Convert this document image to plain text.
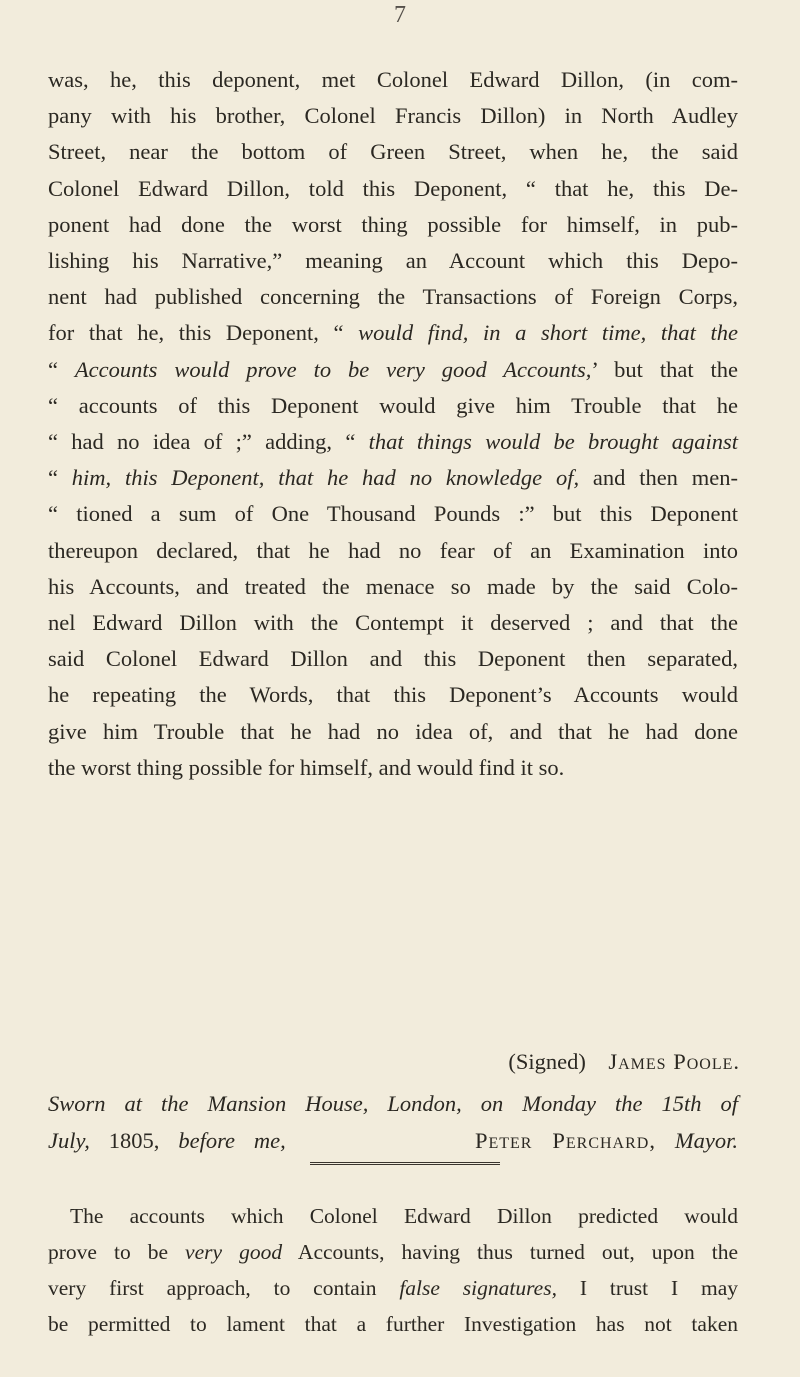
7
was, he, this deponent, met Colonel Edward Dillon, (in com-
pany with his brother, Colonel Francis Dillon) in North Audley
Street, near the bottom of Green Street, when he, the said
Colonel Edward Dillon, told this Deponent, “ that he, this De-
ponent had done the worst thing possible for himself, in pub-
lishing his Narrative,” meaning an Account which this Depo-
nent had published concerning the Transactions of Foreign Corps,
for that he, this Deponent, “ would find, in a short time, that the
“ Accounts would prove to be very good Accounts,’ but that the
“ accounts of this Deponent would give him Trouble that he
“ had no idea of ;” adding, “ that things would be brought against
“ him, this Deponent, that he had no knowledge of, and then men-
“ tioned a sum of One Thousand Pounds :” but this Deponent
thereupon declared, that he had no fear of an Examination into
his Accounts, and treated the menace so made by the said Colo-
nel Edward Dillon with the Contempt it deserved ; and that the
said Colonel Edward Dillon and this Deponent then separated,
he repeating the Words, that this Deponent’s Accounts would
give him Trouble that he had no idea of, and that he had done
the worst thing possible for himself, and would find it so.
(Signed) James Poole.
Sworn at the Mansion House, London, on Monday the 15th of
July, 1805, before me,	Peter Perchard, Mayor.
The accounts which Colonel Edward Dillon predicted would
prove to be very good Accounts, having thus turned out, upon the
very first approach, to contain false signatures, I trust I may
be permitted to lament that a further Investigation has not taken
